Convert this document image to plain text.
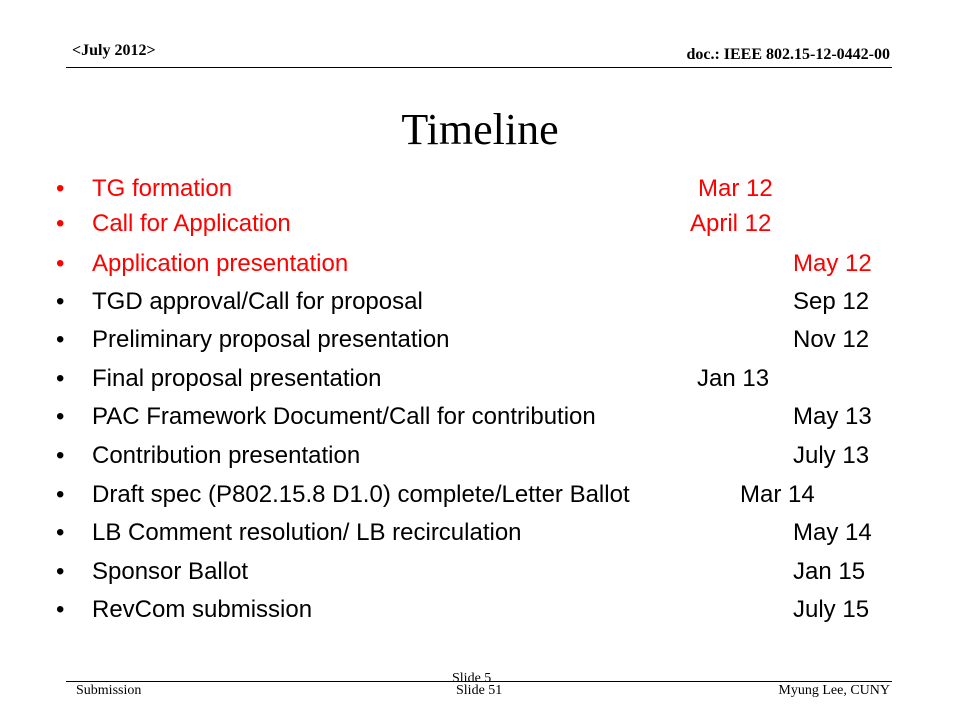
<July 2012>	doc.: IEEE 802.15-12-0442-00
Timeline
• TG formation	Mar 12
• Call for Application	April 12
• Application presentation	May 12
• TGD approval/Call for proposal	Sep 12
• Preliminary proposal presentation	Nov 12
• Final proposal presentation	Jan 13
• PAC Framework Document/Call for contribution	May 13
• Contribution presentation	July 13
• Draft spec (P802.15.8 D1.0) complete/Letter Ballot	Mar 14
• LB Comment resolution/ LB recirculation	May 14
• Sponsor Ballot	Jan 15
• RevCom submission	July 15
Slide 5
Submission	Slide 51	Myung Lee, CUNY
